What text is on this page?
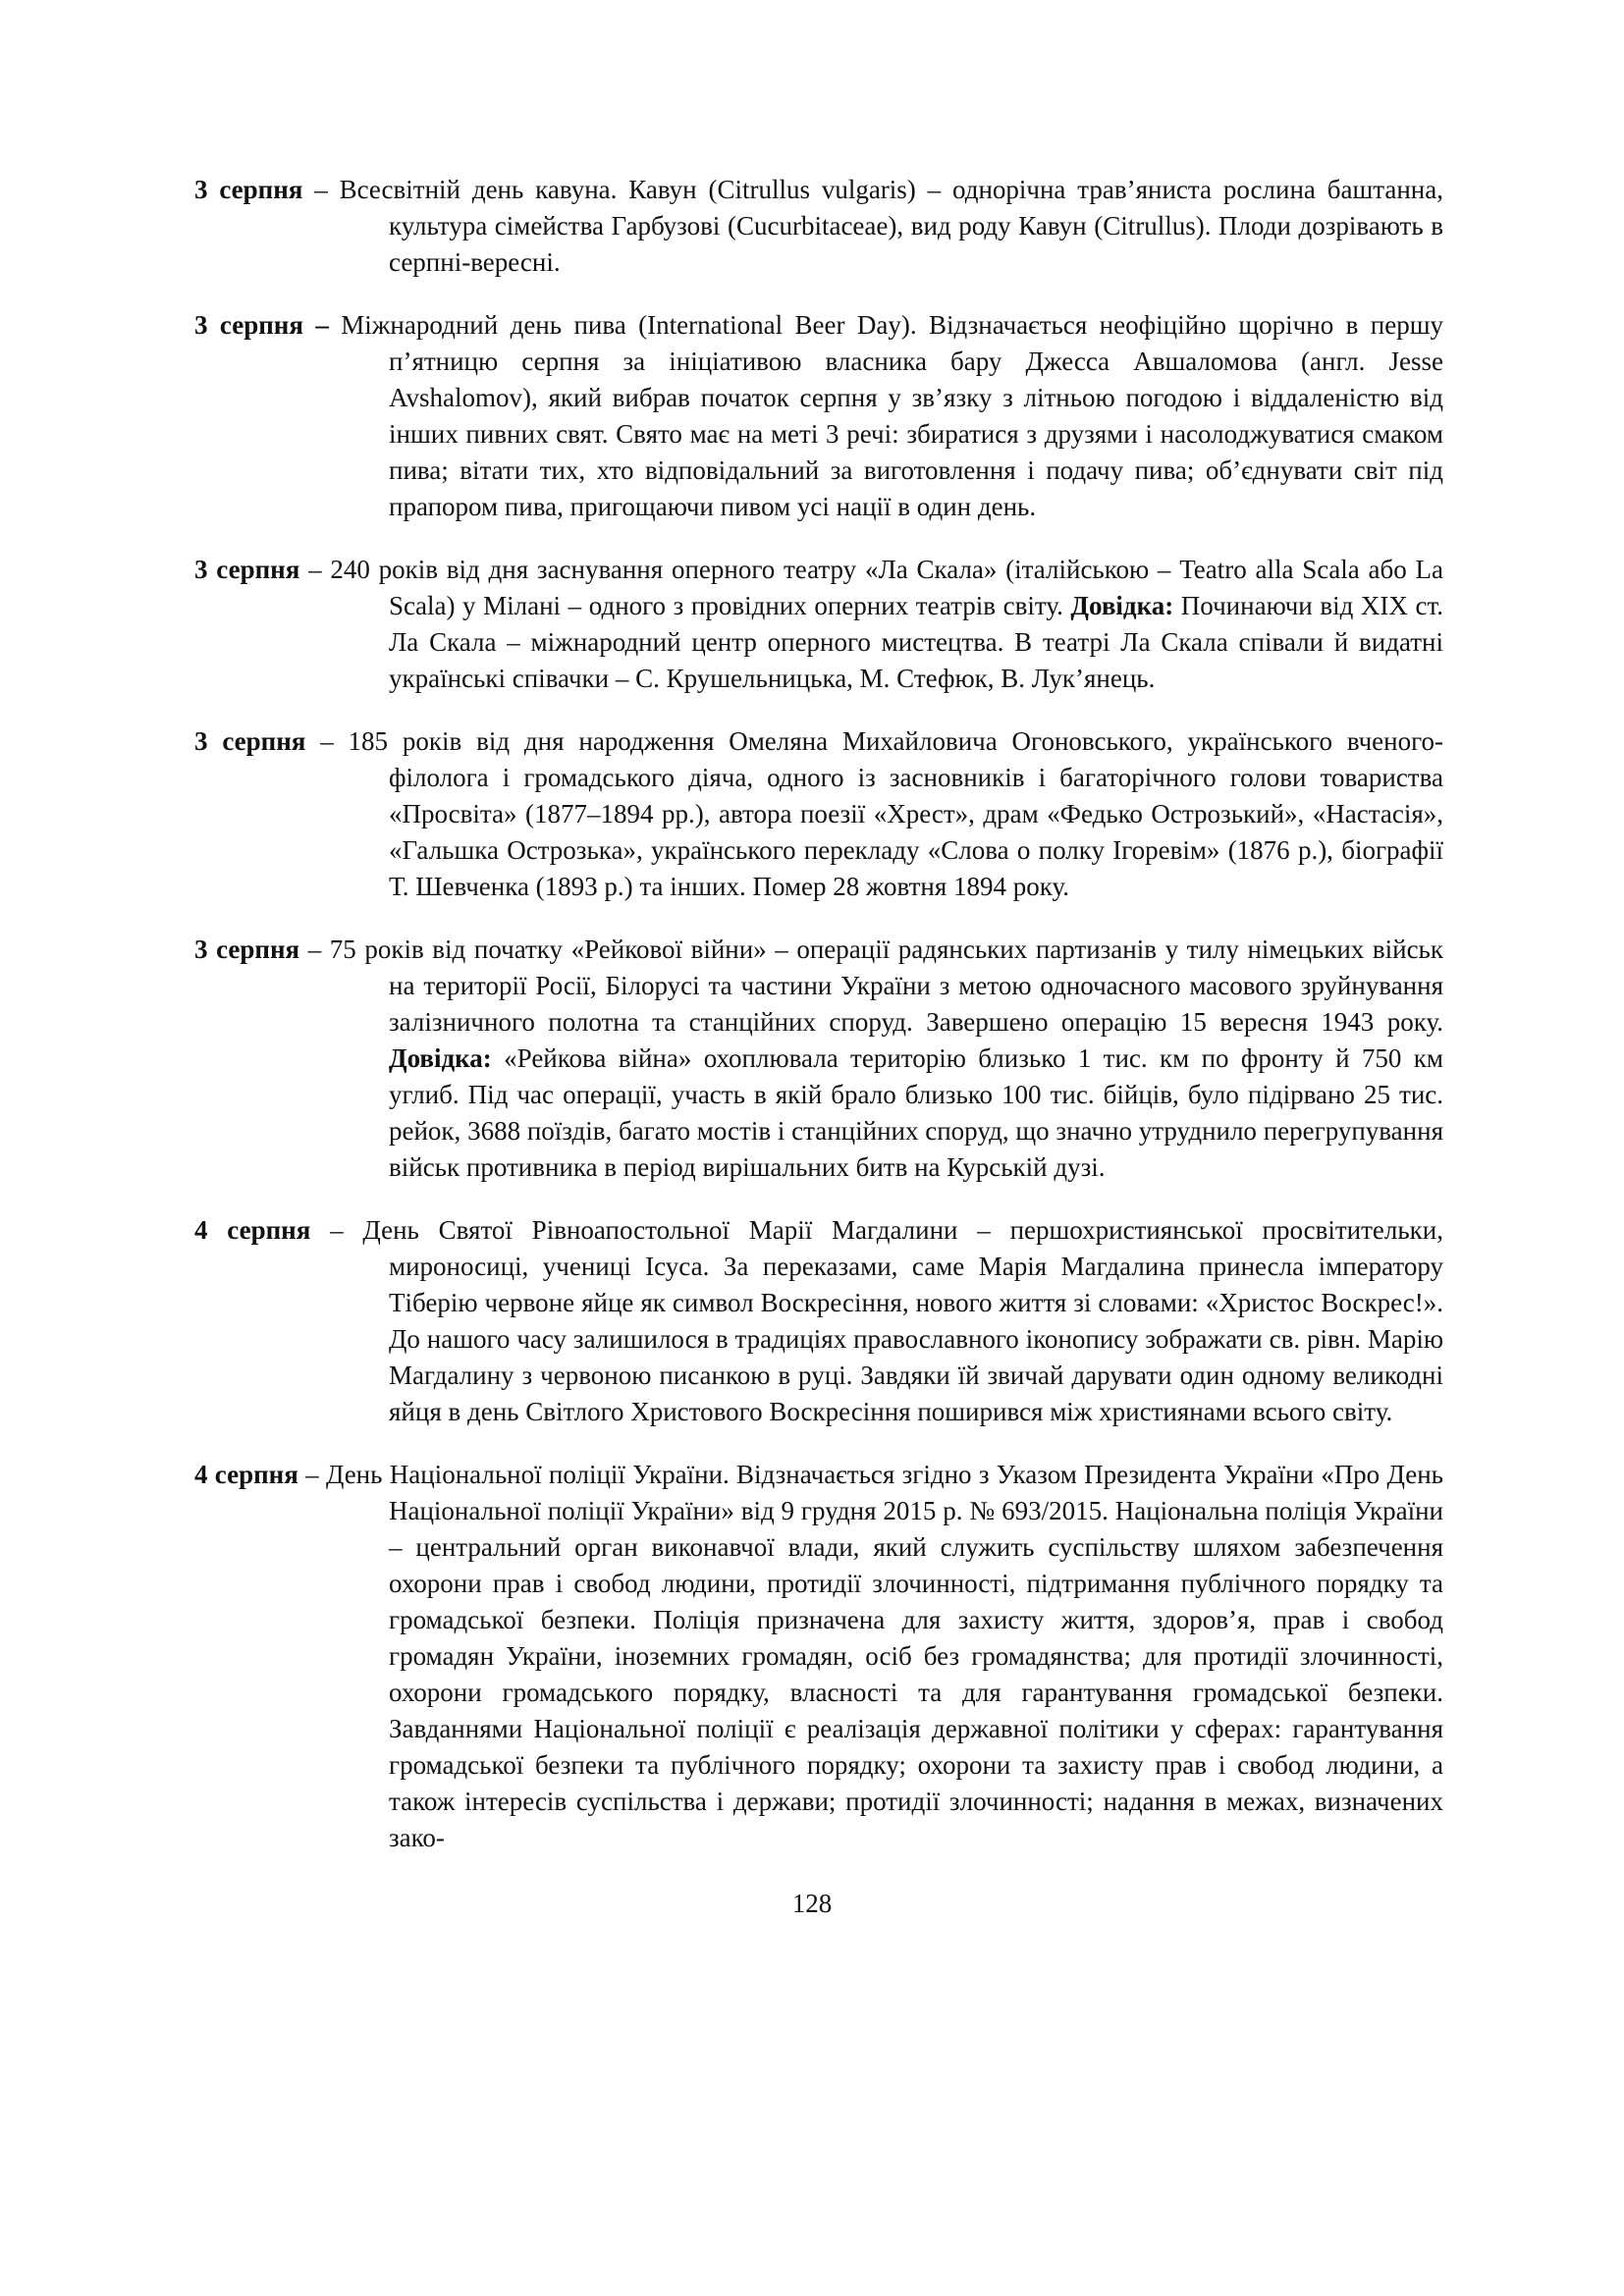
3 серпня – Всесвітній день кавуна. Кавун (Citrullus vulgaris) – однорічна трав’яниста рослина баштанна, культура сімейства Гарбузові (Cucurbitaceae), вид роду Кавун (Citrullus). Плоди дозрівають в серпні-вересні.

3 серпня – Міжнародний день пива (International Beer Day). Відзначається неофіційно щорічно в першу п’ятницю серпня за ініціативою власника бару Джесса Авшаломова (англ. Jesse Avshalomov), який вибрав початок серпня у зв’язку з літньою погодою і віддаленістю від інших пивних свят. Свято має на меті 3 речі: збиратися з друзями і насолоджуватися смаком пива; вітати тих, хто відповідальний за виготовлення і подачу пива; об’єднувати світ під прапором пива, пригощаючи пивом усі нації в один день.

3 серпня – 240 років від дня заснування оперного театру «Ла Скала» (італійською – Teatro alla Scala або La Scala) у Мілані – одного з провідних оперних театрів світу. Довідка: Починаючи від XIX ст. Ла Скала – міжнародний центр оперного мистецтва. В театрі Ла Скала співали й видатні українські співачки – С. Крушельницька, М. Стефюк, В. Лук’янець.

3 серпня – 185 років від дня народження Омеляна Михайловича Огоновського, українського вченого-філолога і громадського діяча, одного із засновників і багаторічного голови товариства «Просвіта» (1877–1894 рр.), автора поезії «Хрест», драм «Федько Острозький», «Настасія», «Гальшка Острозька», українського перекладу «Слова о полку Ігоревім» (1876 р.), біографії Т. Шевченка (1893 р.) та інших. Помер 28 жовтня 1894 року.

3 серпня – 75 років від початку «Рейкової війни» – операції радянських партизанів у тилу німецьких військ на території Росії, Білорусі та частини України з метою одночасного масового зруйнування залізничного полотна та станційних споруд. Завершено операцію 15 вересня 1943 року. Довідка: «Рейкова війна» охоплювала територію близько 1 тис. км по фронту й 750 км углиб. Під час операції, участь в якій брало близько 100 тис. бійців, було підірвано 25 тис. рейок, 3688 поїздів, багато мостів і станційних споруд, що значно утруднило перегрупування військ противника в період вирішальних битв на Курській дузі.

4 серпня – День Святої Рівноапостольної Марії Магдалини – першохристиянської просвітительки, мироносиці, учениці Ісуса. За переказами, саме Марія Магдалина принесла імператору Тіберію червоне яйце як символ Воскресіння, нового життя зі словами: «Христос Воскрес!». До нашого часу залишилося в традиціях православного іконопису зображати св. рівн. Марію Магдалину з червоною писанкою в руці. Завдяки їй звичай дарувати один одному великодні яйця в день Світлого Христового Воскресіння поширився між християнами всього світу.

4 серпня – День Національної поліції України. Відзначається згідно з Указом Президента України «Про День Національної поліції України» від 9 грудня 2015 р. № 693/2015. Національна поліція України – центральний орган виконавчої влади, який служить суспільству шляхом забезпечення охорони прав і свобод людини, протидії злочинності, підтримання публічного порядку та громадської безпеки. Поліція призначена для захисту життя, здоров’я, прав і свобод громадян України, іноземних громадян, осіб без громадянства; для протидії злочинності, охорони громадського порядку, власності та для гарантування громадської безпеки. Завданнями Національної поліції є реалізація державної політики у сферах: гарантування громадської безпеки та публічного порядку; охорони та захисту прав і свобод людини, а також інтересів суспільства і держави; протидії злочинності; надання в межах, визначених зако-

128
